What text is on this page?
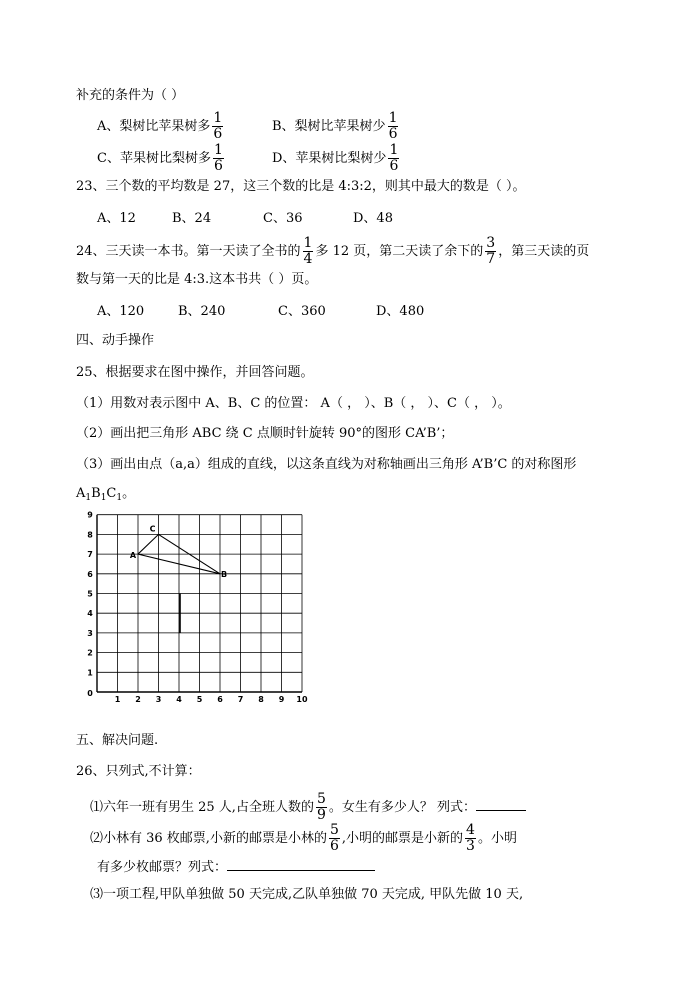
补充的条件为（ ）
A、梨树比苹果树多 $\frac{1}{6}$	B、梨树比苹果树少 $\frac{1}{6}$
C、苹果树比梨树多 $\frac{1}{6}$	D、苹果树比梨树少 $\frac{1}{6}$
23、三个数的平均数是 27，这三个数的比是 4:3:2，则其中最大的数是（ ）。
A、12	B、24	C、36	D、48
24、三天读一本书。第一天读了全书的 $\frac{1}{4}$ 多 12 页，第二天读了余下的 $\frac{3}{7}$ ，第三天读的页
数与第一天的比是 4:3.这本书共（ ）页。
A、120	B、240	C、360	D、480
四、动手操作
25、根据要求在图中操作，并回答问题。
（1）用数对表示图中 A、B、C 的位置： A（ ， ）、B（ ， ）、C（ ， ）。
（2）画出把三角形 ABC 绕 C 点顺时针旋转 90°的图形 CA’B’；
（3）画出由点（a,a）组成的直线，以这条直线为对称轴画出三角形 A’B’C 的对称图形
$A_1B_1C_1$。
1 2 3 4 5 6 7 8 9 10
1
2
3
4
5
6
7
8
9
0
A
B
C
五、解决问题.
26、只列式,不计算：
⑴六年一班有男生 25 人,占全班人数的 $\frac{5}{9}$ 。女生有多少人？ 列式：
⑵小林有 36 枚邮票,小新的邮票是小林的 $\frac{5}{6}$ ,小明的邮票是小新的 $\frac{4}{3}$ 。小明
有多少枚邮票？列式：
⑶一项工程,甲队单独做 50 天完成,乙队单独做 70 天完成, 甲队先做 10 天,
